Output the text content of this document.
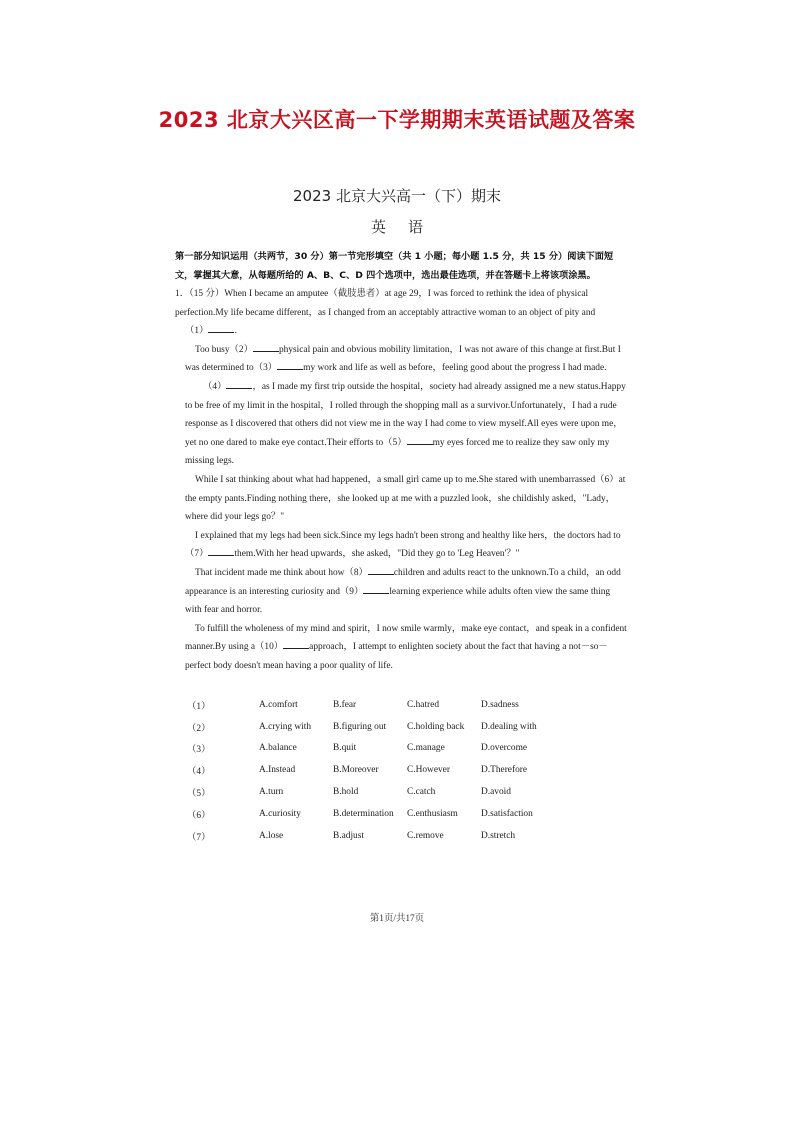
2023 北京大兴区高一下学期期末英语试题及答案
2023 北京大兴高一（下）期末
英语
第一部分知识运用（共两节，30 分）第一节完形填空（共 1 小题；每小题 1.5 分，共 15 分）阅读下面短文，掌握其大意，从每题所给的 A、B、C、D 四个选项中，选出最佳选项，并在答题卡上将该项涂黑。

1．（15 分）When I became an amputee（截肢患者）at age 29，I was forced to rethink the idea of physical perfection.My life became different，as I changed from an acceptably attractive woman to an object of pity and
（1）	.

Too busy（2）	physical pain and obvious mobility limitation，I was not aware of this change at first.But I was determined to（3）	my work and life as well as before，feeling good about the progress I had made.

（4）	，as I made my first trip outside the hospital，society had already assigned me a new status.Happy to be free of my limit in the hospital，I rolled through the shopping mall as a survivor.Unfortunately，I had a rude response as I discovered that others did not view me in the way I had come to view myself.All eyes were upon me，yet no one dared to make eye contact.Their efforts to（5）	my eyes forced me to realize they saw only my missing legs.

While I sat thinking about what had happened，a small girl came up to me.She stared with unembarrassed（6）at the empty pants.Finding nothing there，she looked up at me with a puzzled look，she childishly asked，"Lady，where did your legs go？"

I explained that my legs had been sick.Since my legs hadn't been strong and healthy like hers，the doctors had to（7）	them.With her head upwards，she asked，"Did they go to 'Leg Heaven'？"

That incident made me think about how（8）	children and adults react to the unknown.To a child，an odd appearance is an interesting curiosity and（9）	learning experience while adults often view the same thing with fear and horror.

To fulfill the wholeness of my mind and spirit，I now smile warmly，make eye contact，and speak in a confident manner.By using a（10）	approach，I attempt to enlighten society about the fact that having a not－so－perfect body doesn't mean having a poor quality of life.

（1）	A.comfort	B.fear	C.hatred	D.sadness
（2）	A.crying with	B.figuring out	C.holding back	D.dealing with
（3）	A.balance	B.quit	C.manage	D.overcome
（4）	A.Instead	B.Moreover	C.However	D.Therefore
（5）	A.turn	B.hold	C.catch	D.avoid
（6）	A.curiosity	B.determination	C.enthusiasm	D.satisfaction
（7）	A.lose	B.adjust	C.remove	D.stretch
第1页/共17页
